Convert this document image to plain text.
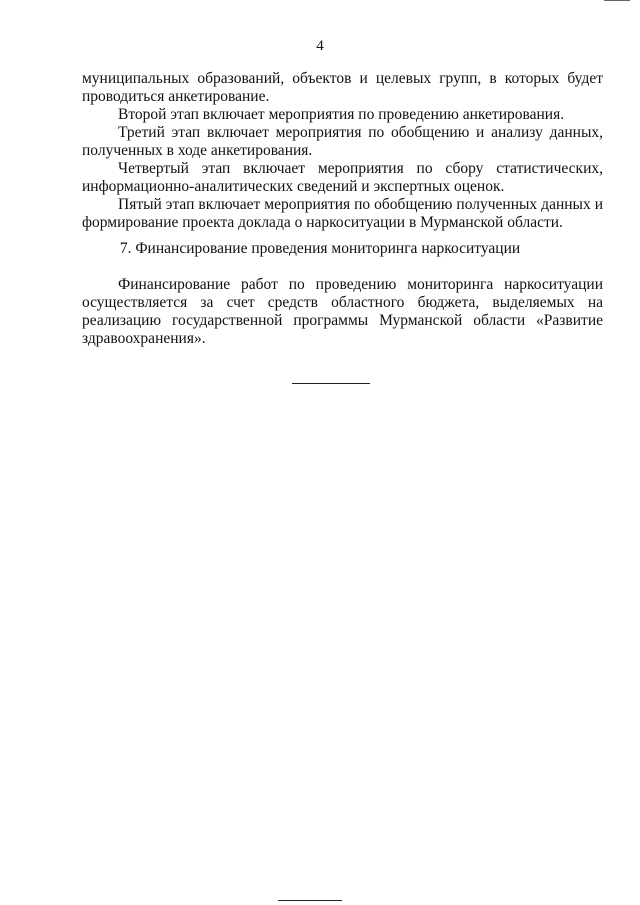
4

муниципальных образований, объектов и целевых групп, в которых будет проводиться анкетирование.

Второй этап включает мероприятия по проведению анкетирования.

Третий этап включает мероприятия по обобщению и анализу данных, полученных в ходе анкетирования.

Четвертый этап включает мероприятия по сбору статистических, информационно-аналитических сведений и экспертных оценок.

Пятый этап включает мероприятия по обобщению полученных данных и формирование проекта доклада о наркоситуации в Мурманской области.

7. Финансирование проведения мониторинга наркоситуации

Финансирование работ по проведению мониторинга наркоситуации осуществляется за счет средств областного бюджета, выделяемых на реализацию государственной программы Мурманской области «Развитие здравоохранения».
